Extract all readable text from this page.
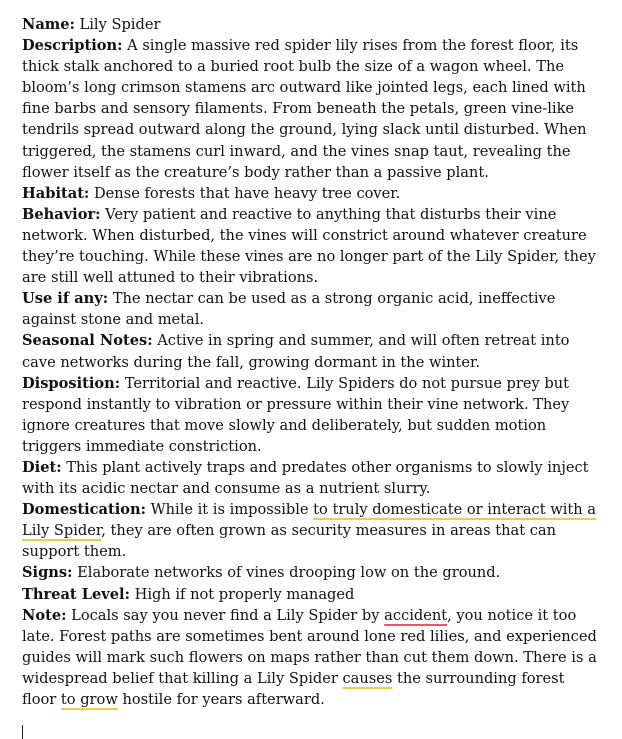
Name: Lily Spider

Description: A single massive red spider lily rises from the forest floor, its thick stalk anchored to a buried root bulb the size of a wagon wheel. The bloom’s long crimson stamens arc outward like jointed legs, each lined with fine barbs and sensory filaments. From beneath the petals, green vine-like tendrils spread outward along the ground, lying slack until disturbed. When triggered, the stamens curl inward, and the vines snap taut, revealing the flower itself as the creature’s body rather than a passive plant.

Habitat: Dense forests that have heavy tree cover.

Behavior: Very patient and reactive to anything that disturbs their vine network. When disturbed, the vines will constrict around whatever creature they’re touching. While these vines are no longer part of the Lily Spider, they are still well attuned to their vibrations.

Use if any: The nectar can be used as a strong organic acid, ineffective against stone and metal.

Seasonal Notes: Active in spring and summer, and will often retreat into cave networks during the fall, growing dormant in the winter.

Disposition: Territorial and reactive. Lily Spiders do not pursue prey but respond instantly to vibration or pressure within their vine network. They ignore creatures that move slowly and deliberately, but sudden motion triggers immediate constriction.

Diet: This plant actively traps and predates other organisms to slowly inject with its acidic nectar and consume as a nutrient slurry.

Domestication: While it is impossible to truly domesticate or interact with a Lily Spider, they are often grown as security measures in areas that can support them.

Signs: Elaborate networks of vines drooping low on the ground.

Threat Level: High if not properly managed

Note: Locals say you never find a Lily Spider by accident, you notice it too late. Forest paths are sometimes bent around lone red lilies, and experienced guides will mark such flowers on maps rather than cut them down. There is a widespread belief that killing a Lily Spider causes the surrounding forest floor to grow hostile for years afterward.
